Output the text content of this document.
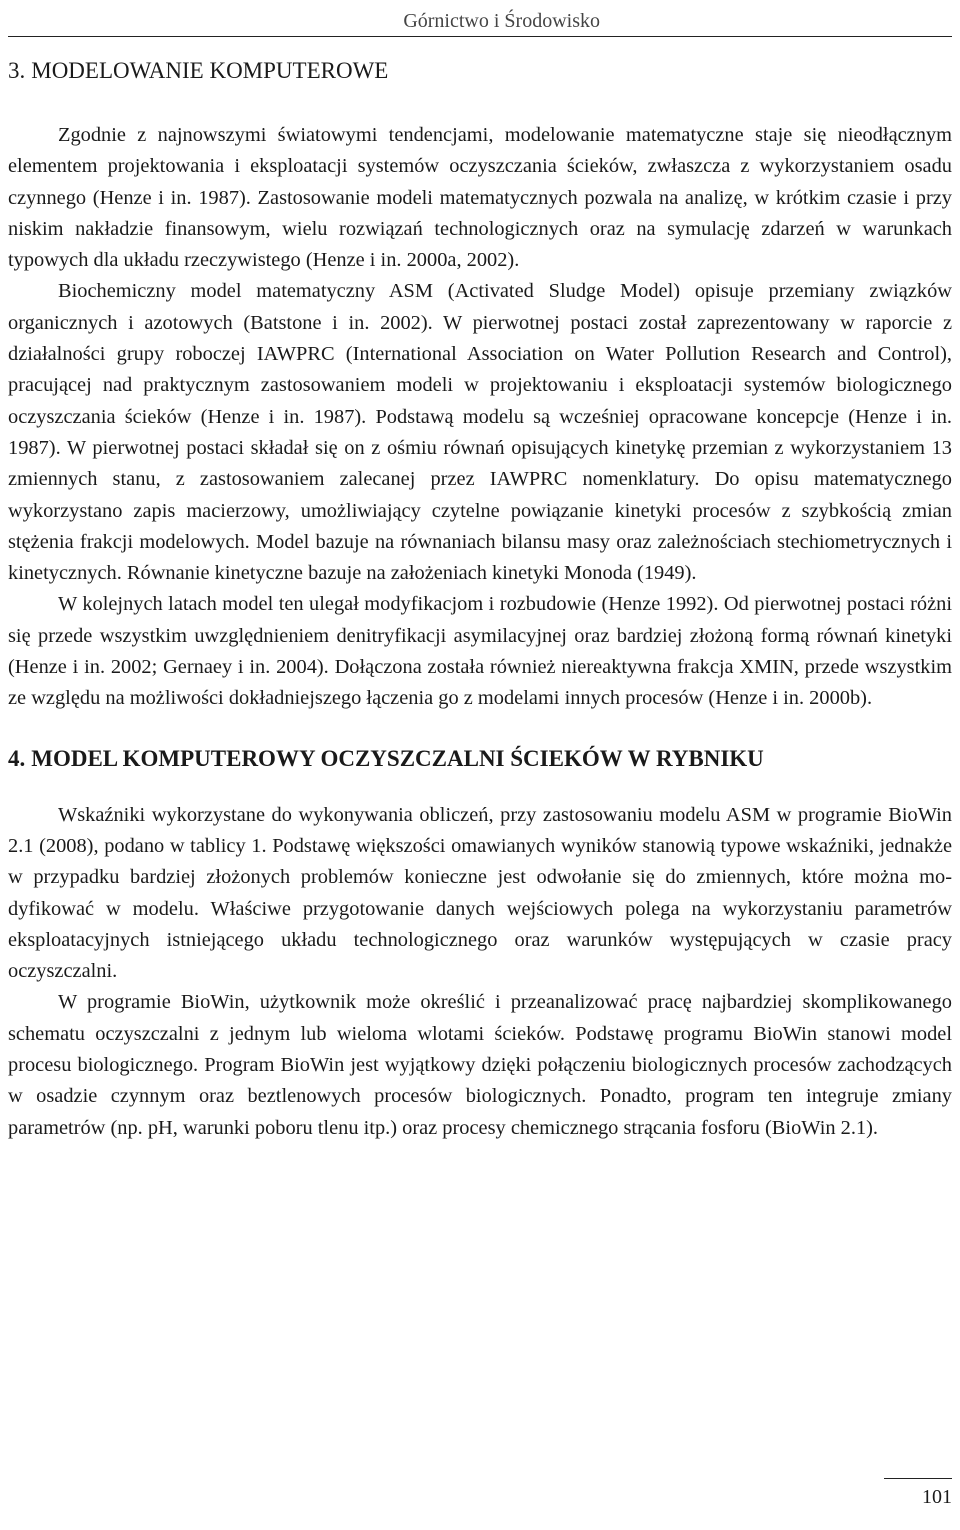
Górnictwo i Środowisko
3. MODELOWANIE KOMPUTEROWE

Zgodnie z najnowszymi światowymi tendencjami, modelowanie matematyczne staje się nieodłącznym elementem projektowania i eksploatacji systemów oczyszczania ścieków, zwłaszcza z wykorzystaniem osadu czynnego (Henze i in. 1987). Zastosowanie modeli matematycznych pozwala na analizę, w krótkim czasie i przy niskim nakładzie finansowym, wielu rozwiązań technologicznych oraz na symulację zdarzeń w warunkach typowych dla układu rzeczywistego (Henze i in. 2000a, 2002).

Biochemiczny model matematyczny ASM (Activated Sludge Model) opisuje przemiany związków organicznych i azotowych (Batstone i in. 2002). W pierwotnej postaci został zaprezentowany w raporcie z działalności grupy roboczej IAWPRC (International Association on Water Pollution Research and Control), pracującej nad praktycznym zastosowaniem modeli w projektowaniu i eksploatacji systemów biologicznego oczyszczania ścieków (Henze i in. 1987). Podstawą modelu są wcześniej opracowane koncepcje (Henze i in. 1987). W pierwotnej postaci składał się on z ośmiu równań opisujących kinetykę przemian z wykorzystaniem 13 zmiennych stanu, z zastosowaniem zalecanej przez IAWPRC nomenklatury. Do opisu matematycznego wykorzystano zapis macierzowy, umożliwiający czytelne powiązanie kinetyki procesów z szybkością zmian stężenia frakcji modelowych. Model bazuje na równaniach bilansu masy oraz zależnościach stechiometrycznych i kinetycznych. Równanie kinetyczne bazuje na założeniach kinetyki Monoda (1949).

W kolejnych latach model ten ulegał modyfikacjom i rozbudowie (Henze 1992). Od pierwotnej postaci różni się przede wszystkim uwzględnieniem denitryfikacji asymilacyjnej oraz bardziej złożoną formą równań kinetyki (Henze i in. 2002; Gernaey i in. 2004). Dołączona została również niereaktywna frakcja XMIN, przede wszystkim ze względu na możliwości dokładniejszego łączenia go z modelami innych procesów (Henze i in. 2000b).

4. MODEL KOMPUTEROWY OCZYSZCZALNI ŚCIEKÓW W RYBNIKU

Wskaźniki wykorzystane do wykonywania obliczeń, przy zastosowaniu modelu ASM w programie BioWin 2.1 (2008), podano w tablicy 1. Podstawę większości omawianych wyników stanowią typowe wskaźniki, jednakże w przypadku bardziej złożonych problemów konieczne jest odwołanie się do zmiennych, które można modyfikować w modelu. Właściwe przygotowanie danych wejściowych polega na wykorzystaniu parametrów eksploatacyjnych istniejącego układu technologicznego oraz warunków występujących w czasie pracy oczyszczalni.

W programie BioWin, użytkownik może określić i przeanalizować pracę najbardziej skomplikowanego schematu oczyszczalni z jednym lub wieloma wlotami ścieków. Podstawę programu BioWin stanowi model procesu biologicznego. Program BioWin jest wyjątkowy dzięki połączeniu biologicznych procesów zachodzących w osadzie czynnym oraz beztlenowych procesów biologicznych. Ponadto, program ten integruje zmiany parametrów (np. pH, warunki poboru tlenu itp.) oraz procesy chemicznego strącania fosforu (BioWin 2.1).

101
